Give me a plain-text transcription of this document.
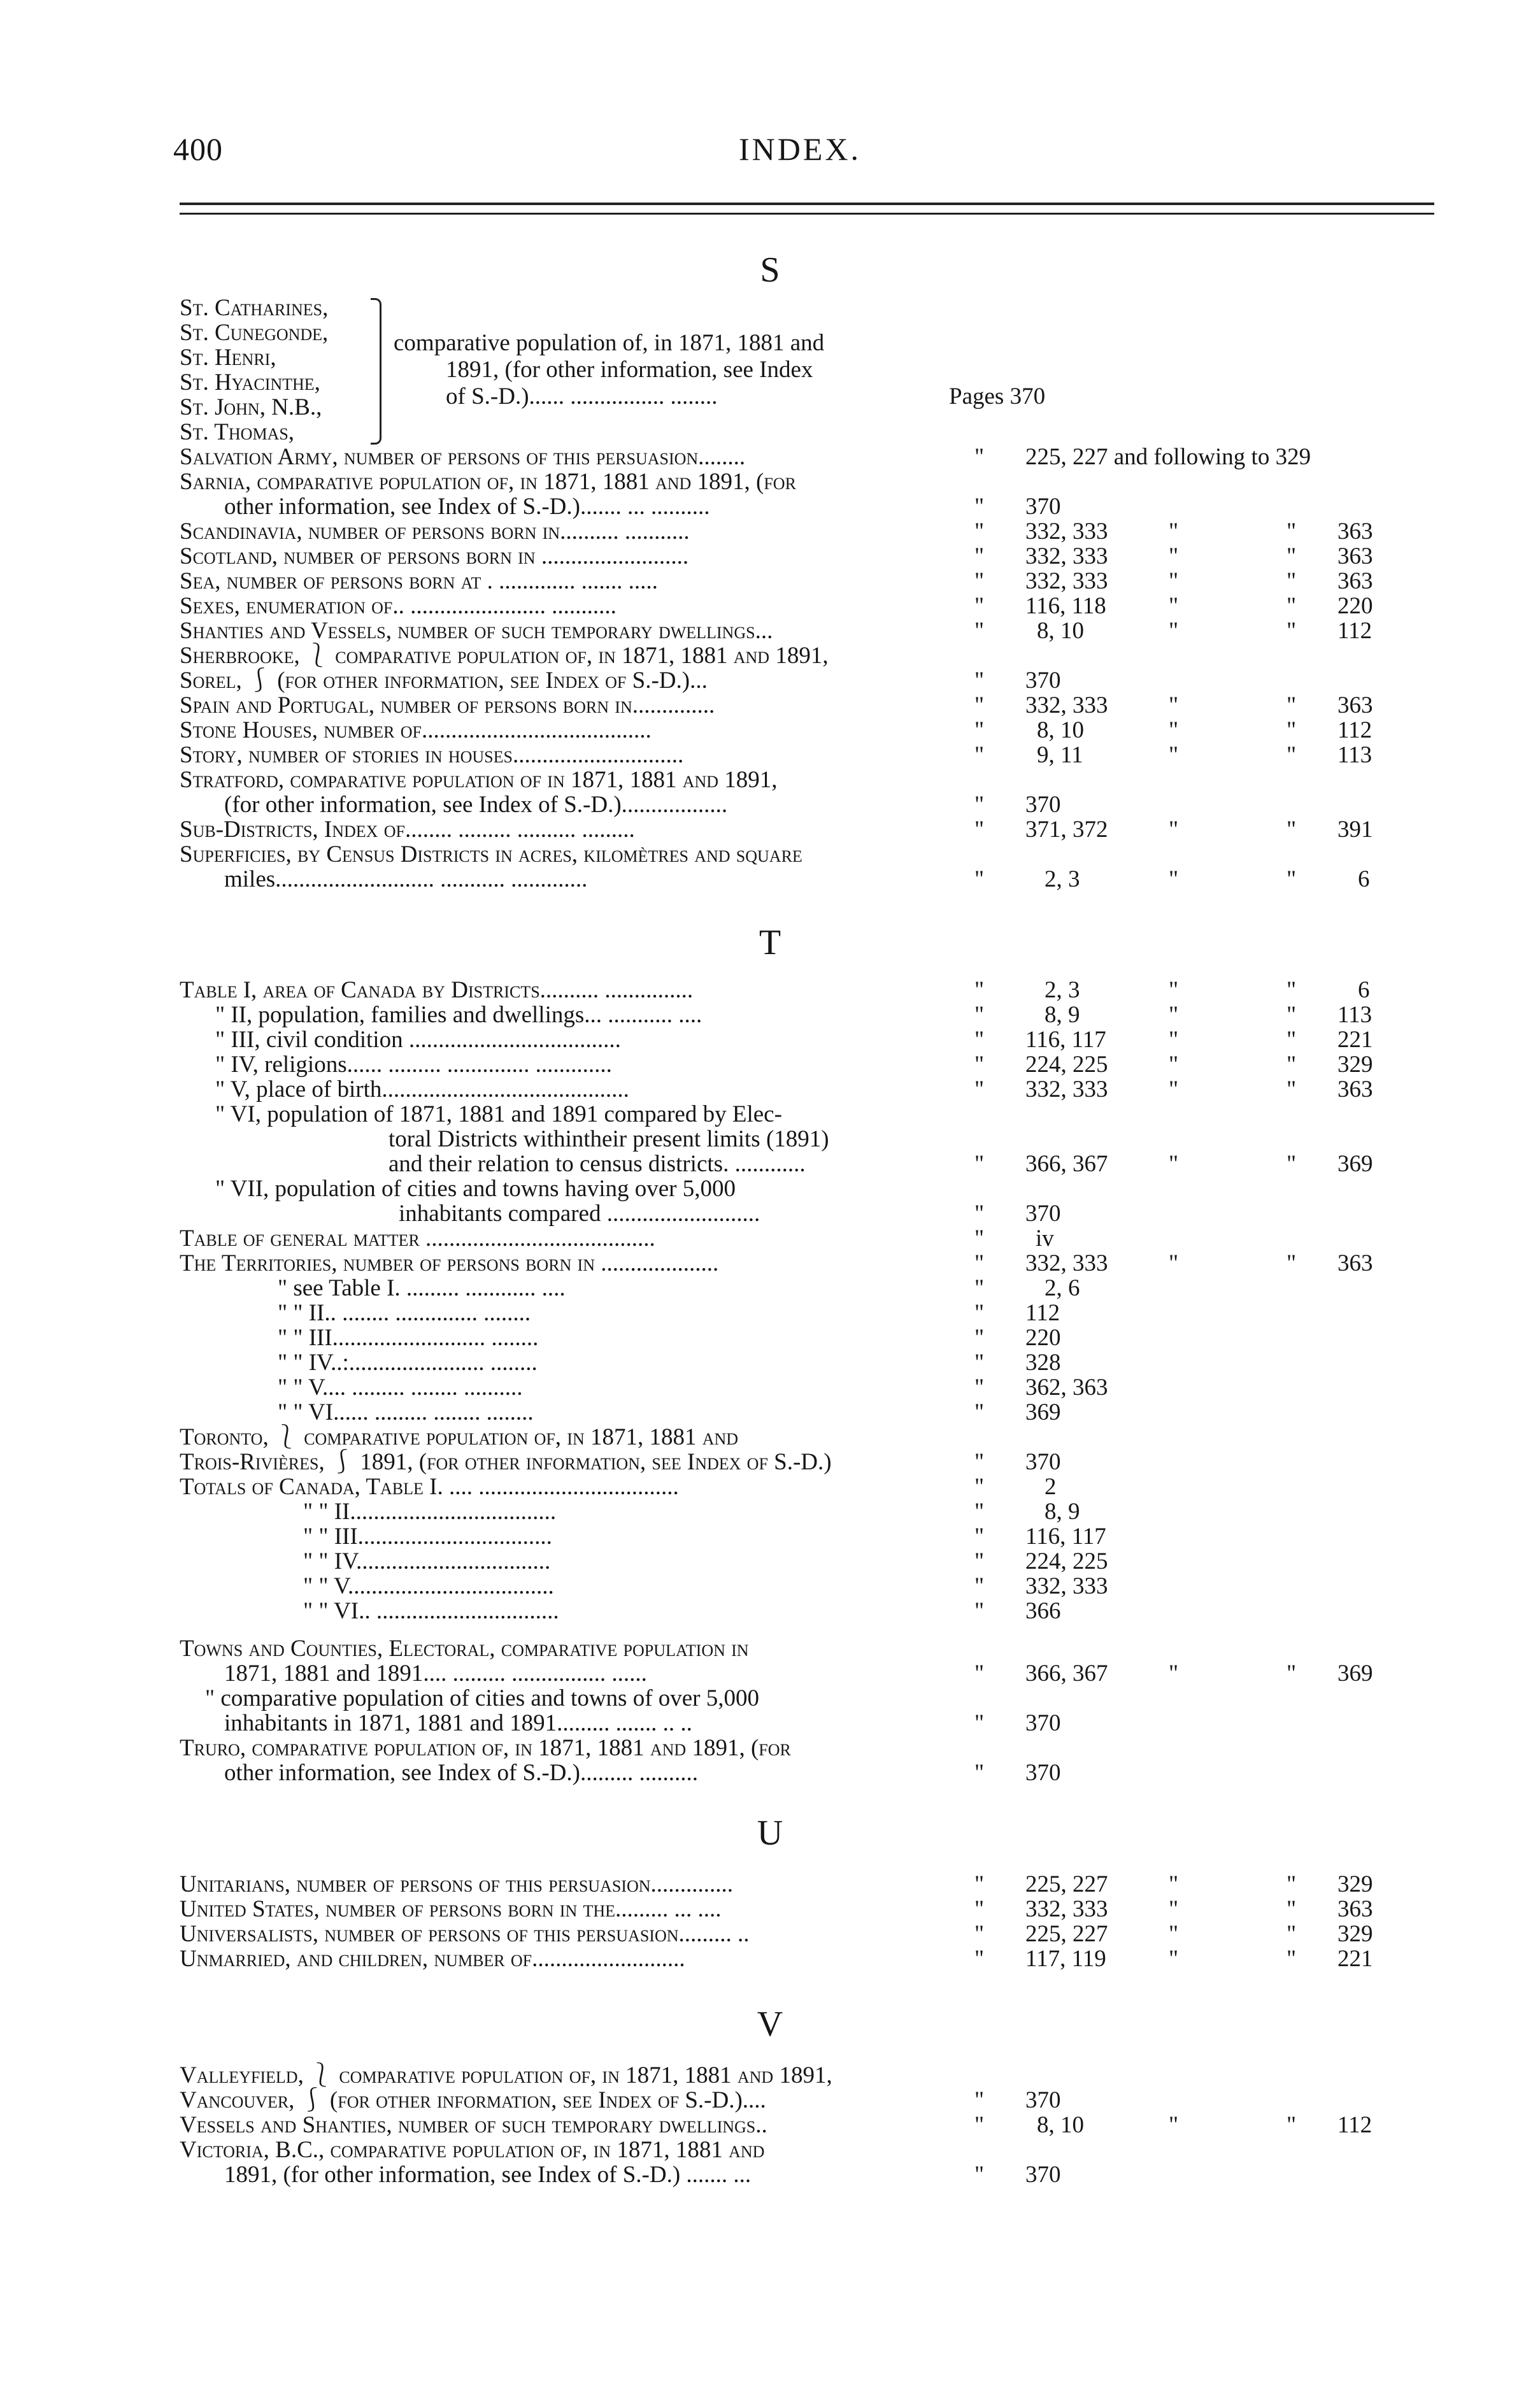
400	INDEX.
S
St. Catharines,
St. Cunegonde,
St. Henri,
St. Hyacinthe,
St. John, N.B.,
St. Thomas,
comparative population of, in 1871, 1881 and
1891, (for other information, see Index
of S.-D.)...... ................ ........	Pages 370
Salvation Army, number of persons of this persuasion........	" 225, 227 and following to 329
Sarnia, comparative population of, in 1871, 1881 and 1891, (for
other information, see Index of S.-D.)....... ... ..........	" 370
Scandinavia, number of persons born in.......... ...........	" 332, 333	"	" 363
Scotland, number of persons born in .........................	" 332, 333	"	" 363
Sea, number of persons born at . ............. ....... .....	" 332, 333	"	" 363
Sexes, enumeration of.. ....................... ...........	" 116, 118	"	" 220
Shanties and Vessels, number of such temporary dwellings...	" 8, 10	"	" 112
Sherbrooke, ⎱ comparative population of, in 1871, 1881 and 1891,
Sorel, ⎰ (for other information, see Index of S.-D.)...	" 370
Spain and Portugal, number of persons born in..............	" 332, 333	"	" 363
Stone Houses, number of.......................................	" 8, 10	"	" 112
Story, number of stories in houses.............................	" 9, 11	"	" 113
Stratford, comparative population of in 1871, 1881 and 1891,
(for other information, see Index of S.-D.)..................	" 370
Sub-Districts, Index of........ ......... .......... .........	" 371, 372	"	" 391
Superficies, by Census Districts in acres, kilomètres and square
miles........................... ........... .............	"	2, 3	"	"	6
T
Table I, area of Canada by Districts.......... ...............	"	2, 3	"	"	6
" II, population, families and dwellings... ........... ....	"	8, 9	"	" 113
" III, civil condition ....................................	" 116, 117	"	" 221
" IV, religions...... ......... .............. .............	" 224, 225	"	" 329
" V, place of birth..........................................	" 332, 333	"	" 363
" VI, population of 1871, 1881 and 1891 compared by Elec-
toral Districts withintheir present limits (1891)
and their relation to census districts. ............	" 366, 367	"	" 369
" VII, population of cities and towns having over 5,000
inhabitants compared ..........................	" 370
Table of general matter .......................................	" iv
The Territories, number of persons born in ....................	" 332, 333	"	" 363
" see Table I. ......... ............ ....	"	2, 6
" " II.. ........ .............. ........	" 112
" " III.......................... ........	" 220
" " IV..:....................... ........	" 328
" " V.... ......... ........ ..........	" 362, 363
" " VI...... ......... ........ ........	" 369
Toronto, ⎱ comparative population of, in 1871, 1881 and
Trois-Rivières, ⎰ 1891, (for other information, see Index of S.-D.)	" 370
Totals of Canada, Table I. .... ..................................	"	2
" " II...................................	"	8, 9
" " III.................................	" 116, 117
" " IV.................................	" 224, 225
" " V...................................	" 332, 333
" " VI.. ...............................	" 366
Towns and Counties, Electoral, comparative population in
1871, 1881 and 1891.... ......... ................ ......	" 366, 367	"	" 369
" comparative population of cities and towns of over 5,000
inhabitants in 1871, 1881 and 1891......... ....... .. ..	" 370
Truro, comparative population of, in 1871, 1881 and 1891, (for
other information, see Index of S.-D.)......... ..........	" 370
U
Unitarians, number of persons of this persuasion..............	" 225, 227	"	" 329
United States, number of persons born in the......... ... ....	" 332, 333	"	" 363
Universalists, number of persons of this persuasion......... ..	" 225, 227	"	" 329
Unmarried, and children, number of..........................	" 117, 119	"	" 221
V
Valleyfield, ⎱ comparative population of, in 1871, 1881 and 1891,
Vancouver, ⎰ (for other information, see Index of S.-D.)....	" 370
Vessels and Shanties, number of such temporary dwellings..	" 8, 10	"	" 112
Victoria, B.C., comparative population of, in 1871, 1881 and
1891, (for other information, see Index of S.-D.) ....... ...	" 370
